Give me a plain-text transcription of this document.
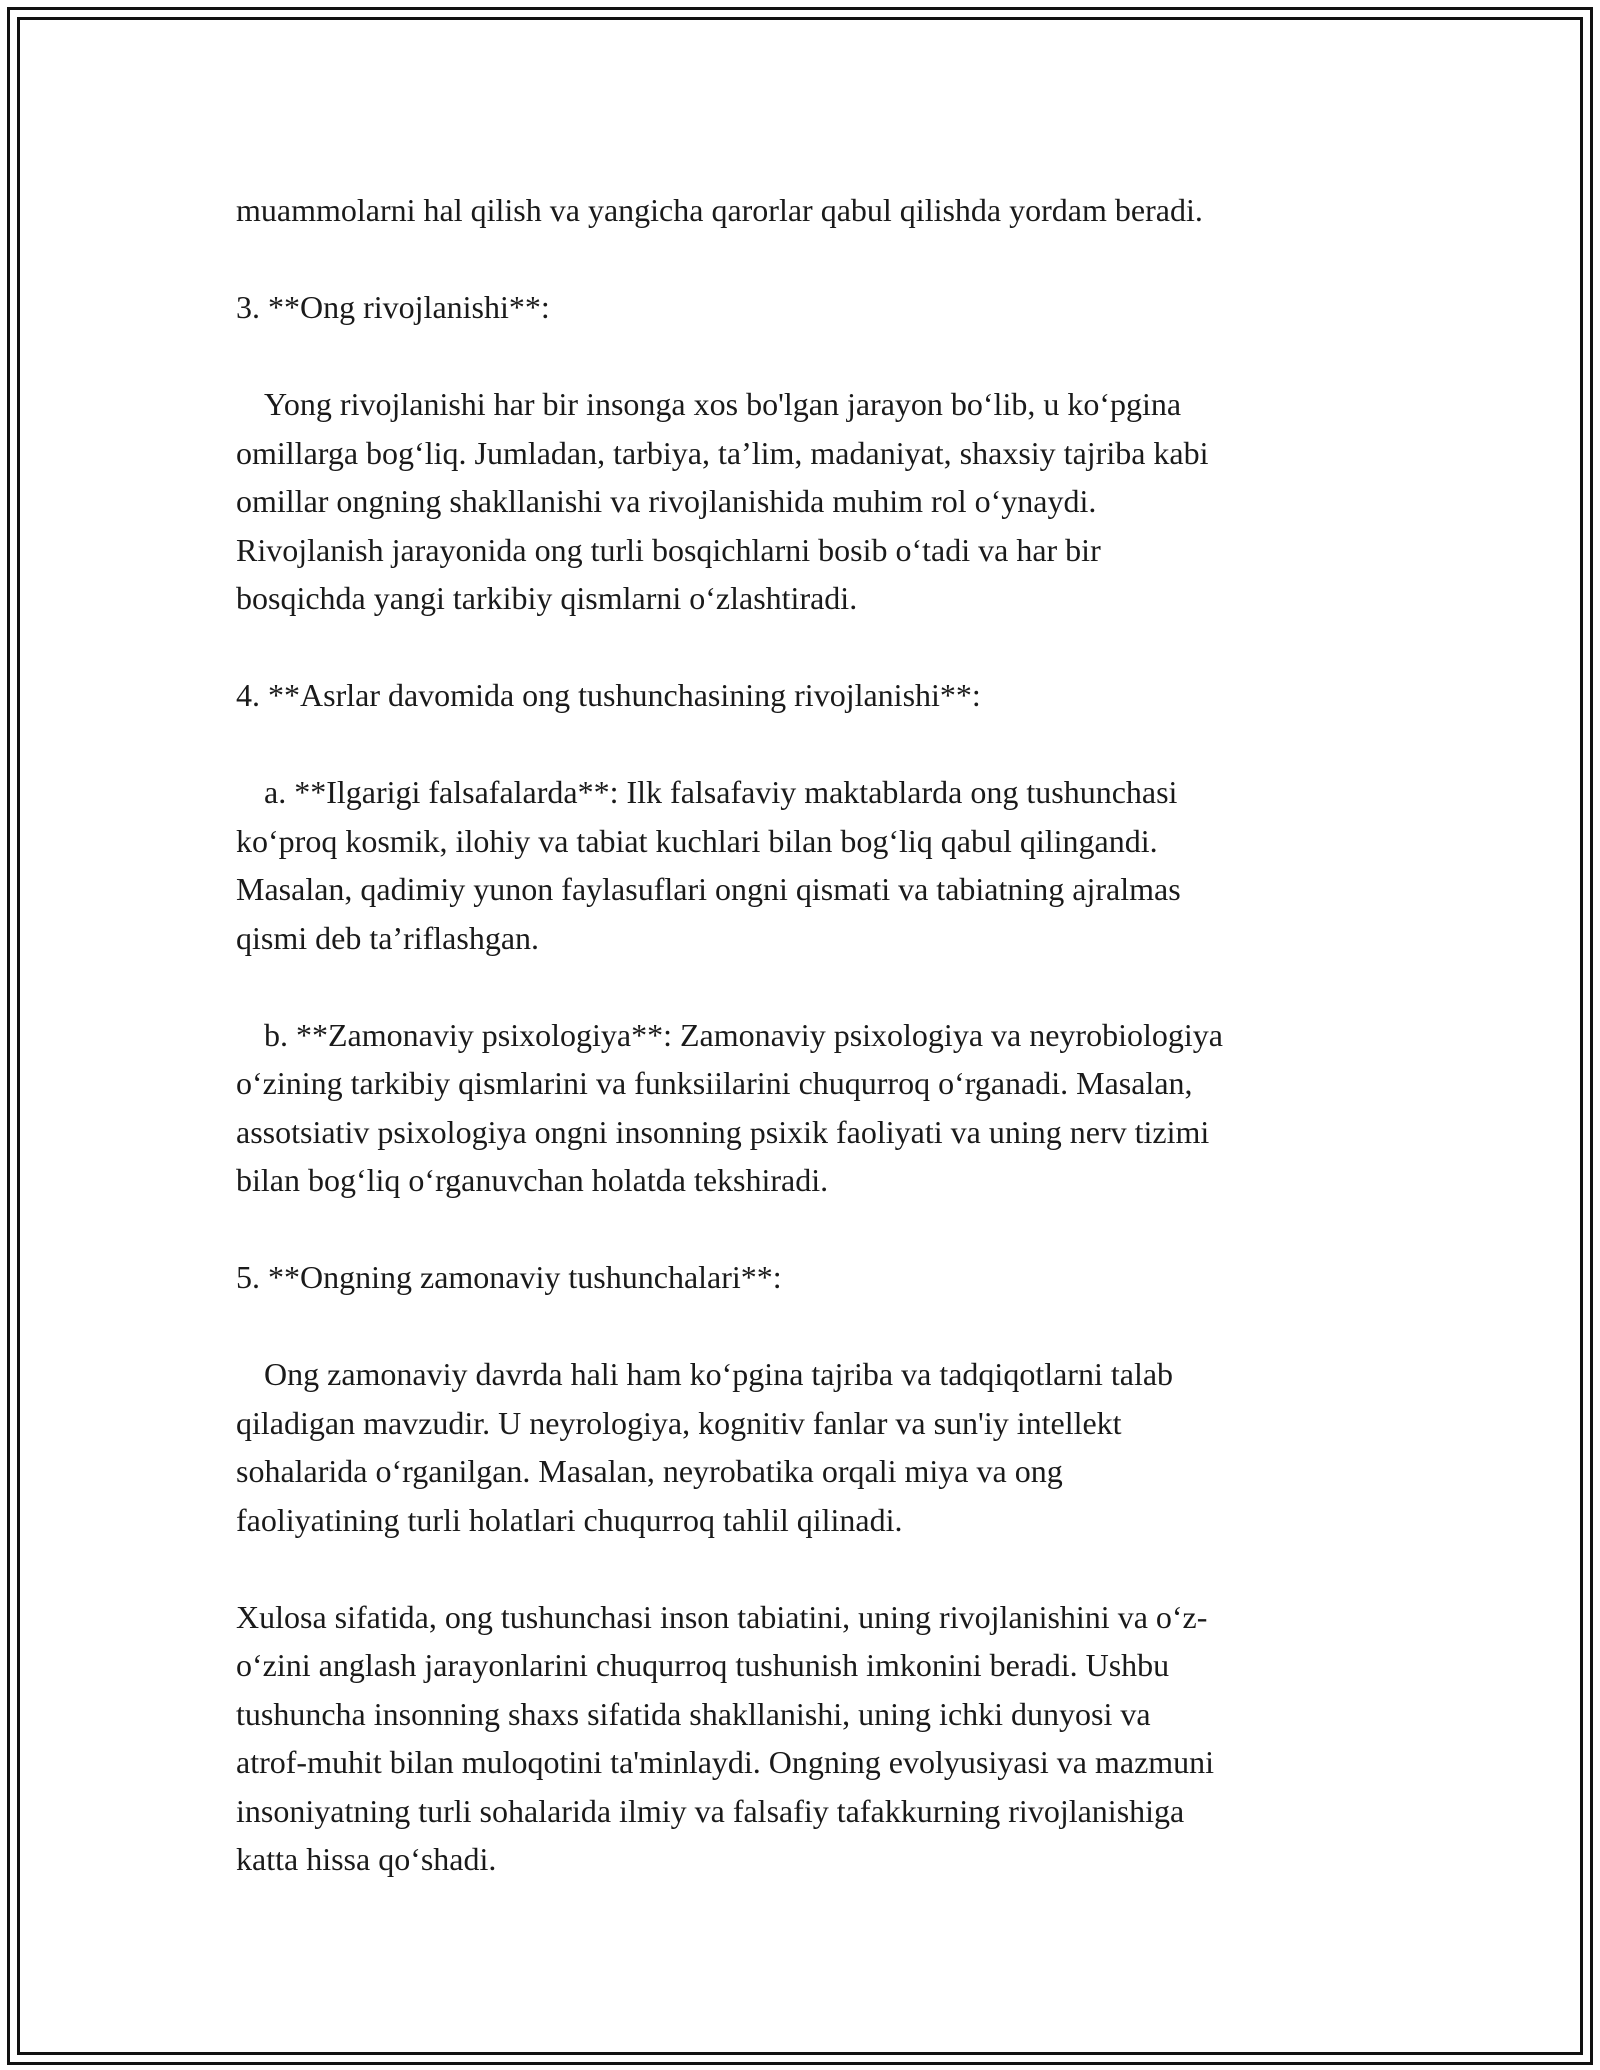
muammolarni hal qilish va yangicha qarorlar qabul qilishda yordam beradi.
3. **Ong rivojlanishi**:
Yong rivojlanishi har bir insonga xos bo'lgan jarayon bo‘lib, u ko‘pgina
omillarga bog‘liq. Jumladan, tarbiya, ta’lim, madaniyat, shaxsiy tajriba kabi
omillar ongning shakllanishi va rivojlanishida muhim rol o‘ynaydi.
Rivojlanish jarayonida ong turli bosqichlarni bosib o‘tadi va har bir
bosqichda yangi tarkibiy qismlarni o‘zlashtiradi.
4. **Asrlar davomida ong tushunchasining rivojlanishi**:
a. **Ilgarigi falsafalarda**: Ilk falsafaviy maktablarda ong tushunchasi
ko‘proq kosmik, ilohiy va tabiat kuchlari bilan bog‘liq qabul qilingandi.
Masalan, qadimiy yunon faylasuflari ongni qismati va tabiatning ajralmas
qismi deb ta’riflashgan.
b. **Zamonaviy psixologiya**: Zamonaviy psixologiya va neyrobiologiya
o‘zining tarkibiy qismlarini va funksiilarini chuqurroq o‘rganadi. Masalan,
assotsiativ psixologiya ongni insonning psixik faoliyati va uning nerv tizimi
bilan bog‘liq o‘rganuvchan holatda tekshiradi.
5. **Ongning zamonaviy tushunchalari**:
Ong zamonaviy davrda hali ham ko‘pgina tajriba va tadqiqotlarni talab
qiladigan mavzudir. U neyrologiya, kognitiv fanlar va sun'iy intellekt
sohalarida o‘rganilgan. Masalan, neyrobatika orqali miya va ong
faoliyatining turli holatlari chuqurroq tahlil qilinadi.
Xulosa sifatida, ong tushunchasi inson tabiatini, uning rivojlanishini va o‘z-
o‘zini anglash jarayonlarini chuqurroq tushunish imkonini beradi. Ushbu
tushuncha insonning shaxs sifatida shakllanishi, uning ichki dunyosi va
atrof-muhit bilan muloqotini ta'minlaydi. Ongning evolyusiyasi va mazmuni
insoniyatning turli sohalarida ilmiy va falsafiy tafakkurning rivojlanishiga
katta hissa qo‘shadi.
